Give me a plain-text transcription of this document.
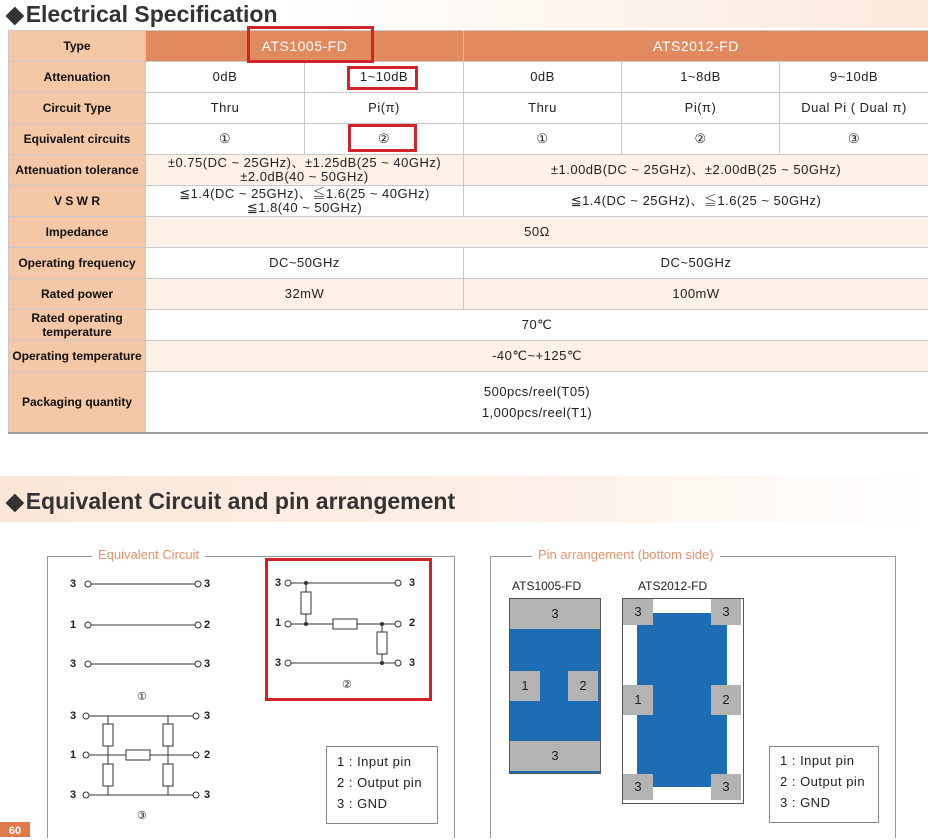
◆Electrical Specification
Type	ATS1005-FD		ATS2012-FD		
Attenuation	0dB	1~10dB	0dB	1~8dB	9~10dB
Circuit Type	Thru	Pi(π)	Thru	Pi(π)	Dual Pi ( Dual π)
Equivalent circuits	①	②	①	②	③
Attenuation tolerance	±0.75(DC ~ 25GHz)、±1.25dB(25 ~ 40GHz)
±2.0dB(40 ~ 50GHz)		±1.00dB(DC ~ 25GHz)、±2.00dB(25 ~ 50GHz)		
V S W R	≦1.4(DC ~ 25GHz)、≦1.6(25 ~ 40GHz)
≦1.8(40 ~ 50GHz)		≦1.4(DC ~ 25GHz)、≦1.6(25 ~ 50GHz)		
Impedance	50Ω				
Operating frequency	DC~50GHz		DC~50GHz		
Rated power	32mW		100mW		

Rated operating
temperature	70℃				
Operating temperature	-40℃~+125℃				
Packaging quantity	500pcs/reel(T05)
1,000pcs/reel(T1)				
◆Equivalent Circuit and pin arrangement
Equivalent Circuit
3
1
3
3
2
3
①
3
1
3
3
2
3
②
3
1
3
3
2
3
③
1 : Input pin
2 : Output pin
3 : GND
Pin arrangement (bottom side)
ATS1005-FD
3
1	2
3
ATS2012-FD
3	3
1	2
3	3
1 : Input pin
2 : Output pin
3 : GND
60
